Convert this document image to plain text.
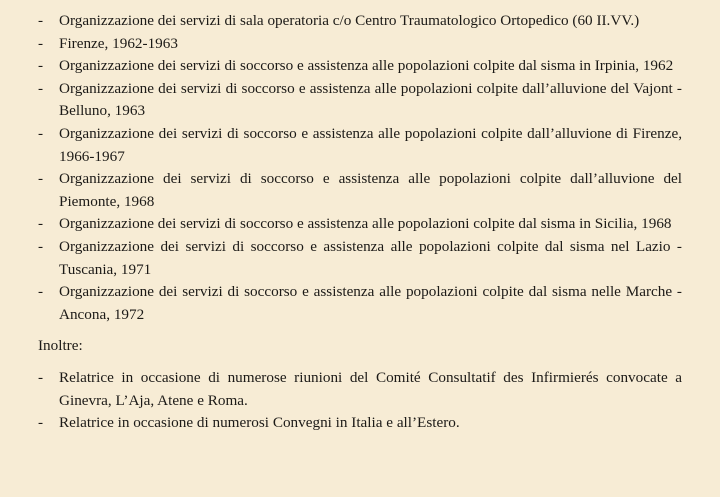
- Organizzazione dei servizi di sala operatoria c/o Centro Traumatologico Ortopedico (60 II.VV.)
- Firenze, 1962-1963
- Organizzazione dei servizi di soccorso e assistenza alle popolazioni colpite dal sisma in Irpinia, 1962
- Organizzazione dei servizi di soccorso e assistenza alle popolazioni colpite dall’alluvione del Vajont - Belluno, 1963
- Organizzazione dei servizi di soccorso e assistenza alle popolazioni colpite dall’alluvione di Firenze, 1966-1967
- Organizzazione dei servizi di soccorso e assistenza alle popolazioni colpite dall’alluvione del Piemonte, 1968
- Organizzazione dei servizi di soccorso e assistenza alle popolazioni colpite dal sisma in Sicilia, 1968
- Organizzazione dei servizi di soccorso e assistenza alle popolazioni colpite dal sisma nel Lazio - Tuscania, 1971
- Organizzazione dei servizi di soccorso e assistenza alle popolazioni colpite dal sisma nelle Marche - Ancona, 1972
Inoltre:
- Relatrice in occasione di numerose riunioni del Comité Consultatif des Infirmierés convocate a Ginevra, L’Aja, Atene e Roma.
- Relatrice in occasione di numerosi Convegni in Italia e all’Estero.
